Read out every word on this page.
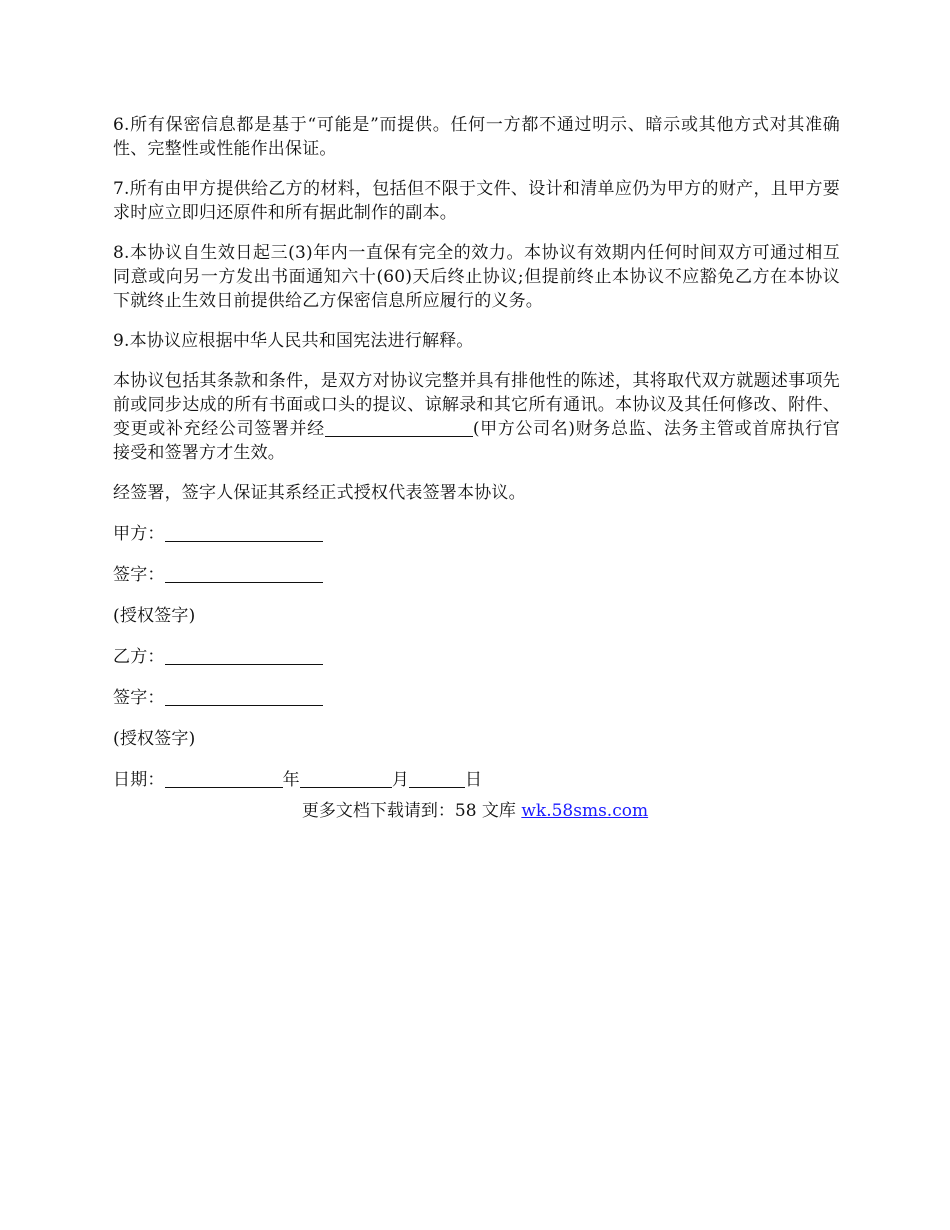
6.所有保密信息都是基于“可能是”而提供。任何一方都不通过明示、暗示或其他方式对其准确性、完整性或性能作出保证。

7.所有由甲方提供给乙方的材料，包括但不限于文件、设计和清单应仍为甲方的财产，且甲方要求时应立即归还原件和所有据此制作的副本。

8.本协议自生效日起三(3)年内一直保有完全的效力。本协议有效期内任何时间双方可通过相互同意或向另一方发出书面通知六十(60)天后终止协议;但提前终止本协议不应豁免乙方在本协议下就终止生效日前提供给乙方保密信息所应履行的义务。

9.本协议应根据中华人民共和国宪法进行解释。

本协议包括其条款和条件，是双方对协议完整并具有排他性的陈述，其将取代双方就题述事项先前或同步达成的所有书面或口头的提议、谅解录和其它所有通讯。本协议及其任何修改、附件、变更或补充经公司签署并经	(甲方公司名)财务总监、法务主管或首席执行官接受和签署方才生效。

经签署，签字人保证其系经正式授权代表签署本协议。

甲方：

签字：

(授权签字)

乙方：

签字：

(授权签字)

日期：	年	月	日

更多文档下载请到：58 文库 wk.58sms.com
